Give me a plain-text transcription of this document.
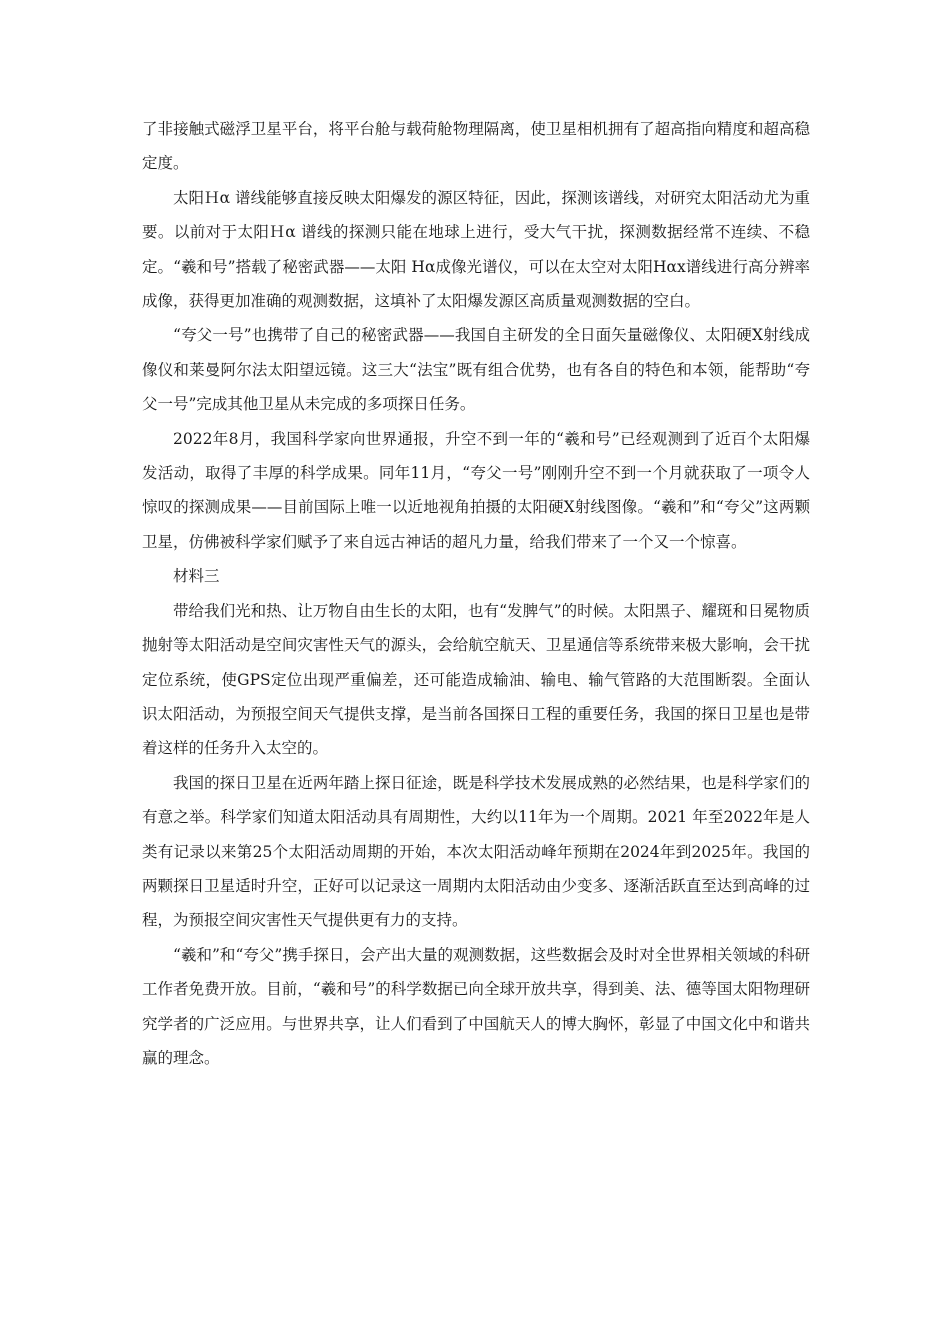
了非接触式磁浮卫星平台，将平台舱与载荷舱物理隔离，使卫星相机拥有了超高指向精度和超高稳定度。

太阳Ｈα 谱线能够直接反映太阳爆发的源区特征，因此，探测该谱线，对研究太阳活动尤为重要。以前对于太阳Ｈα 谱线的探测只能在地球上进行，受大气干扰，探测数据经常不连续、不稳定。“羲和号”搭载了秘密武器——太阳 Hα成像光谱仪，可以在太空对太阳Hαx谱线进行高分辨率成像，获得更加准确的观测数据，这填补了太阳爆发源区高质量观测数据的空白。

“夸父一号”也携带了自己的秘密武器——我国自主研发的全日面矢量磁像仪、太阳硬X射线成像仪和莱曼阿尔法太阳望远镜。这三大“法宝”既有组合优势，也有各自的特色和本领，能帮助“夸父一号”完成其他卫星从未完成的多项探日任务。

2022年8月，我国科学家向世界通报，升空不到一年的“羲和号”已经观测到了近百个太阳爆发活动，取得了丰厚的科学成果。同年11月，“夸父一号”刚刚升空不到一个月就获取了一项令人惊叹的探测成果——目前国际上唯一以近地视角拍摄的太阳硬X射线图像。“羲和”和“夸父”这两颗卫星，仿佛被科学家们赋予了来自远古神话的超凡力量，给我们带来了一个又一个惊喜。

材料三

带给我们光和热、让万物自由生长的太阳，也有“发脾气”的时候。太阳黑子、耀斑和日冕物质抛射等太阳活动是空间灾害性天气的源头，会给航空航天、卫星通信等系统带来极大影响，会干扰定位系统，使GPS定位出现严重偏差，还可能造成输油、输电、输气管路的大范围断裂。全面认识太阳活动，为预报空间天气提供支撑，是当前各国探日工程的重要任务，我国的探日卫星也是带着这样的任务升入太空的。

我国的探日卫星在近两年踏上探日征途，既是科学技术发展成熟的必然结果，也是科学家们的有意之举。科学家们知道太阳活动具有周期性，大约以11年为一个周期。2021 年至2022年是人类有记录以来第25个太阳活动周期的开始，本次太阳活动峰年预期在2024年到2025年。我国的两颗探日卫星适时升空，正好可以记录这一周期内太阳活动由少变多、逐渐活跃直至达到高峰的过程，为预报空间灾害性天气提供更有力的支持。

“羲和”和“夸父”携手探日，会产出大量的观测数据，这些数据会及时对全世界相关领域的科研工作者免费开放。目前，“羲和号”的科学数据已向全球开放共享，得到美、法、德等国太阳物理研究学者的广泛应用。与世界共享，让人们看到了中国航天人的博大胸怀，彰显了中国文化中和谐共赢的理念。
